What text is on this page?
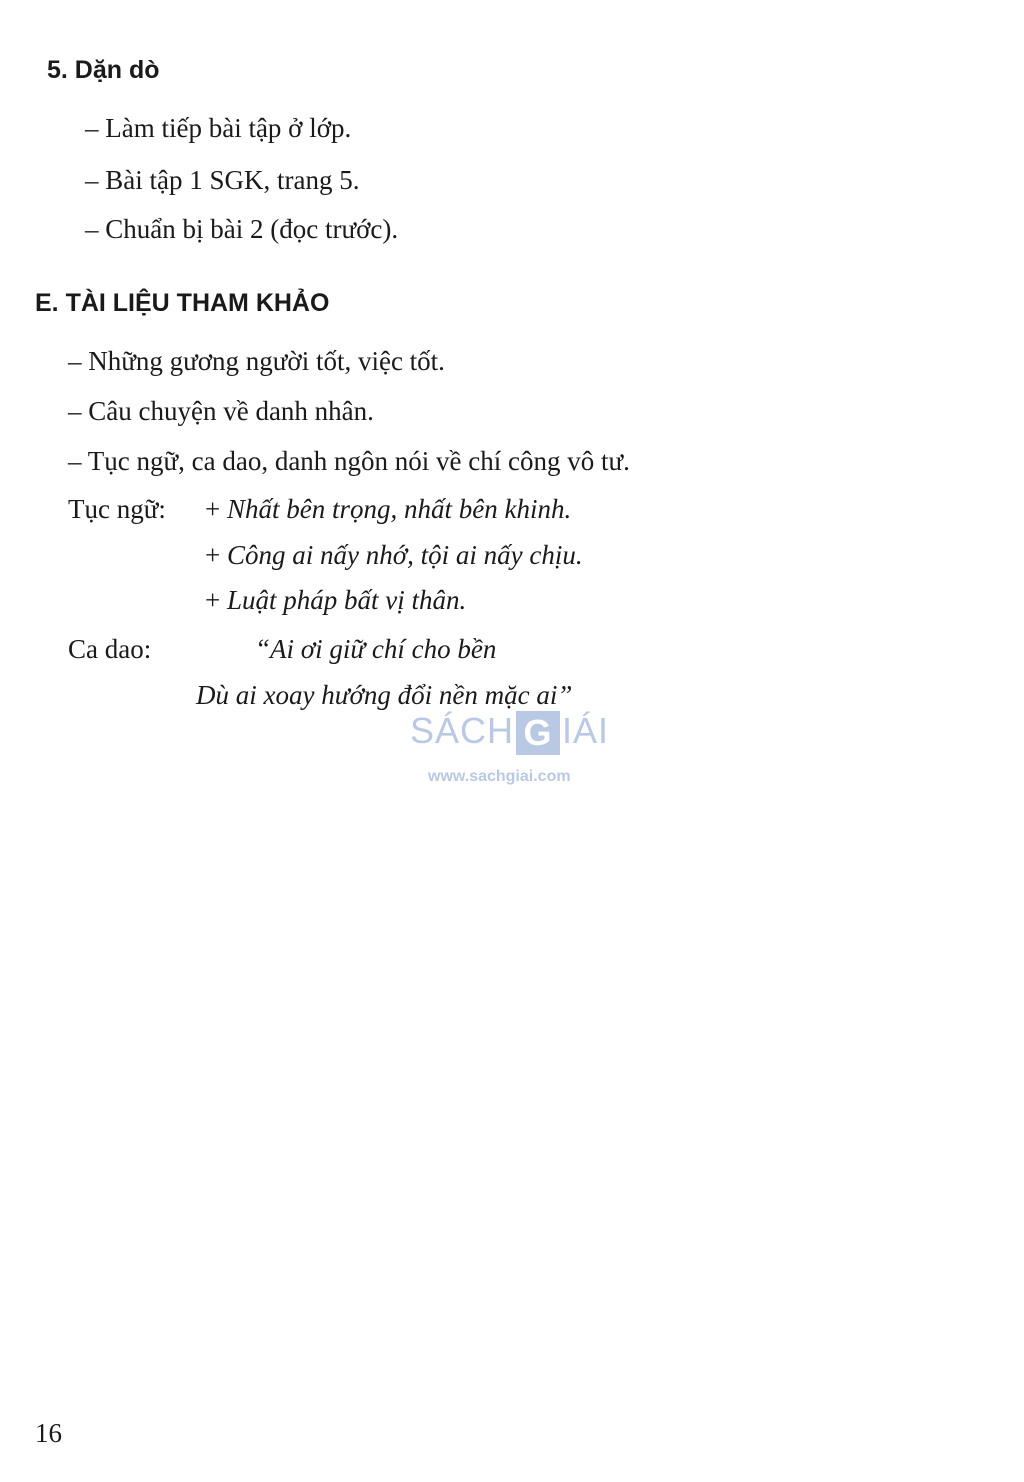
5. Dặn dò
– Làm tiếp bài tập ở lớp.
– Bài tập 1 SGK, trang 5.
– Chuẩn bị bài 2 (đọc trước).
E. TÀI LIỆU THAM KHẢO
– Những gương người tốt, việc tốt.
– Câu chuyện về danh nhân.
– Tục ngữ, ca dao, danh ngôn nói về chí công vô tư.
Tục ngữ: + Nhất bên trọng, nhất bên khinh.
+ Công ai nấy nhớ, tội ai nấy chịu.
+ Luật pháp bất vị thân.
Ca dao:	“Ai ơi giữ chí cho bền
Dù ai xoay hướng đổi nền mặc ai”
SÁCH G IÁI
www.sachgiai.com
16
